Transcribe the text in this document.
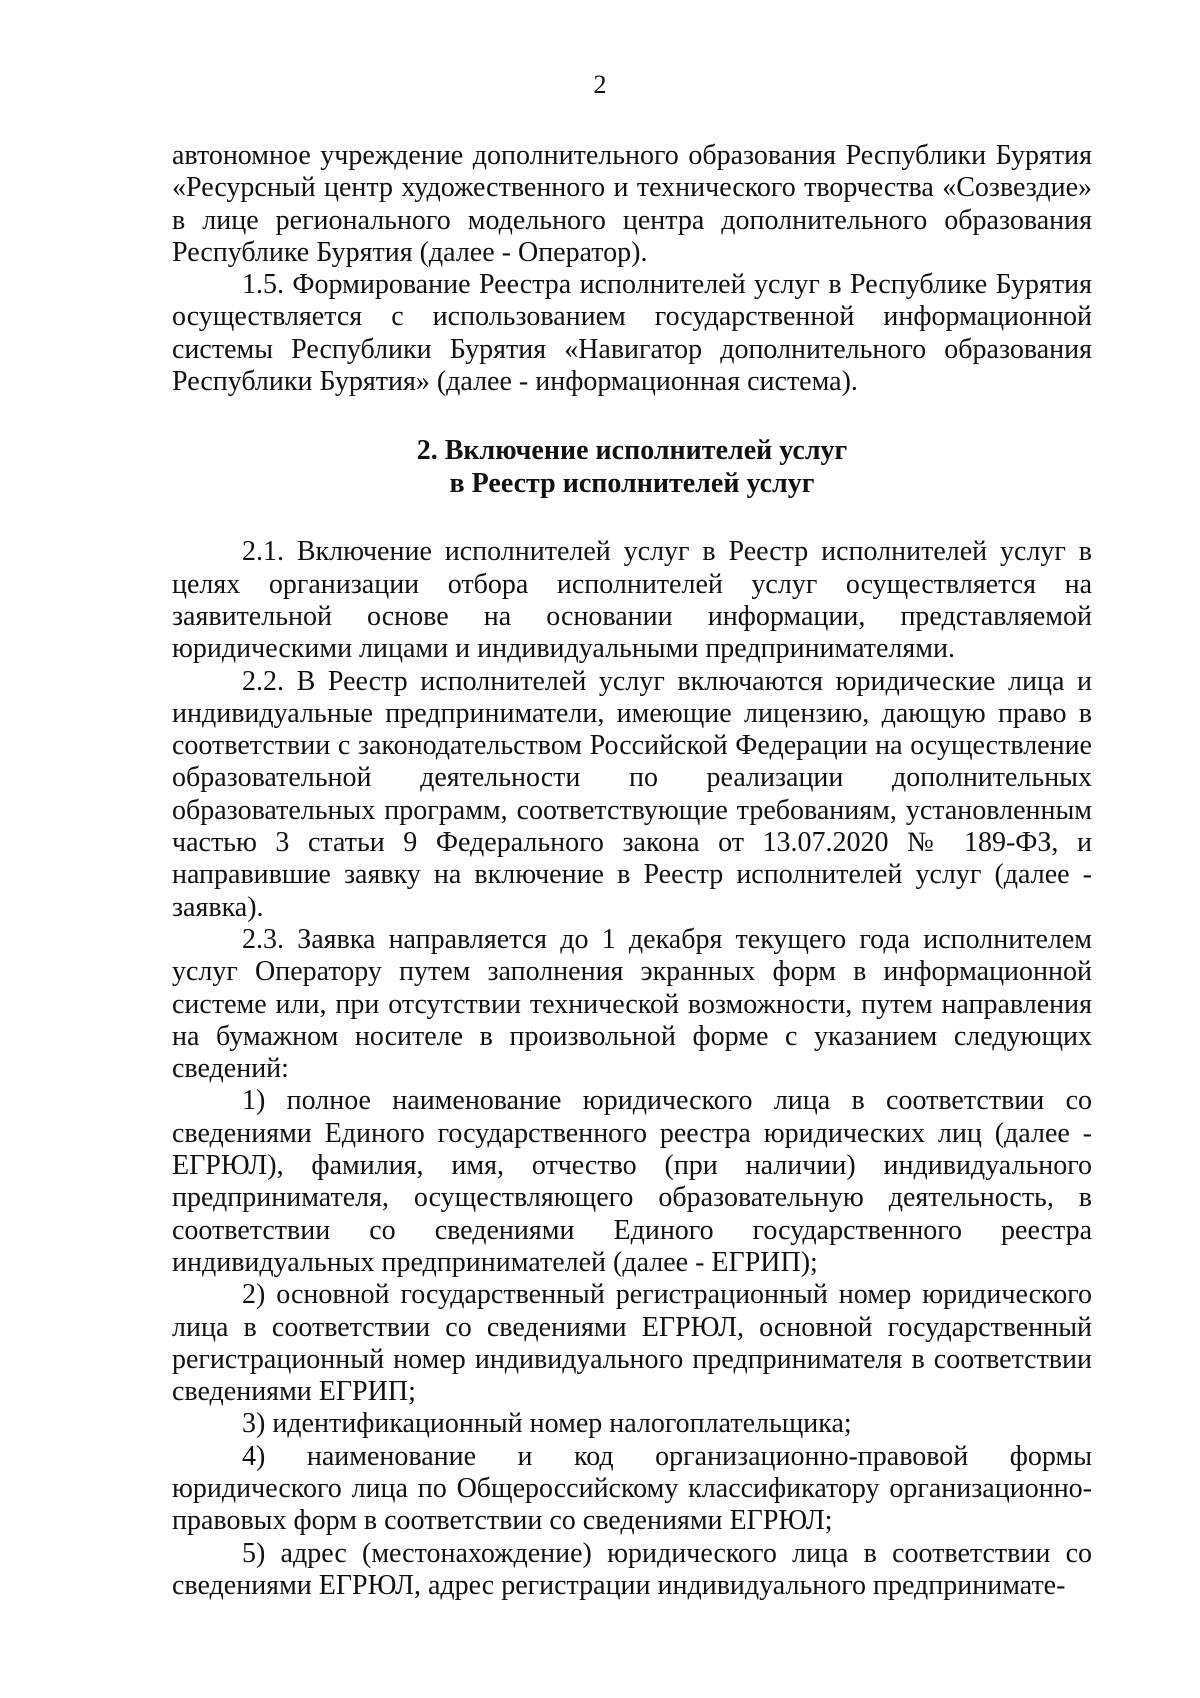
2

автономное учреждение дополнительного образования Республики Бурятия «Ресурсный центр художественного и технического творчества «Созвездие» в лице регионального модельного центра дополнительного образования Республике Бурятия (далее - Оператор).

1.5. Формирование Реестра исполнителей услуг в Республике Бурятия осуществляется с использованием государственной информационной системы Республики Бурятия «Навигатор дополнительного образования Республики Бурятия» (далее - информационная система).

2. Включение исполнителей услуг
в Реестр исполнителей услуг

2.1. Включение исполнителей услуг в Реестр исполнителей услуг в целях организации отбора исполнителей услуг осуществляется на заявительной основе на основании информации, представляемой юридическими лицами и индивидуальными предпринимателями.

2.2. В Реестр исполнителей услуг включаются юридические лица и индивидуальные предприниматели, имеющие лицензию, дающую право в соответствии с законодательством Российской Федерации на осуществление образовательной деятельности по реализации дополнительных образовательных программ, соответствующие требованиям, установленным частью 3 статьи 9 Федерального закона от 13.07.2020 № 189-ФЗ, и направившие заявку на включение в Реестр исполнителей услуг (далее - заявка).

2.3. Заявка направляется до 1 декабря текущего года исполнителем услуг Оператору путем заполнения экранных форм в информационной системе или, при отсутствии технической возможности, путем направления на бумажном носителе в произвольной форме с указанием следующих сведений:

1) полное наименование юридического лица в соответствии со сведениями Единого государственного реестра юридических лиц (далее - ЕГРЮЛ), фамилия, имя, отчество (при наличии) индивидуального предпринимателя, осуществляющего образовательную деятельность, в соответствии со сведениями Единого государственного реестра индивидуальных предпринимателей (далее - ЕГРИП);

2) основной государственный регистрационный номер юридического лица в соответствии со сведениями ЕГРЮЛ, основной государственный регистрационный номер индивидуального предпринимателя в соответствии сведениями ЕГРИП;

3) идентификационный номер налогоплательщика;

4) наименование и код организационно-правовой формы юридического лица по Общероссийскому классификатору организационно-правовых форм в соответствии со сведениями ЕГРЮЛ;

5) адрес (местонахождение) юридического лица в соответствии со сведениями ЕГРЮЛ, адрес регистрации индивидуального предпринимате-
